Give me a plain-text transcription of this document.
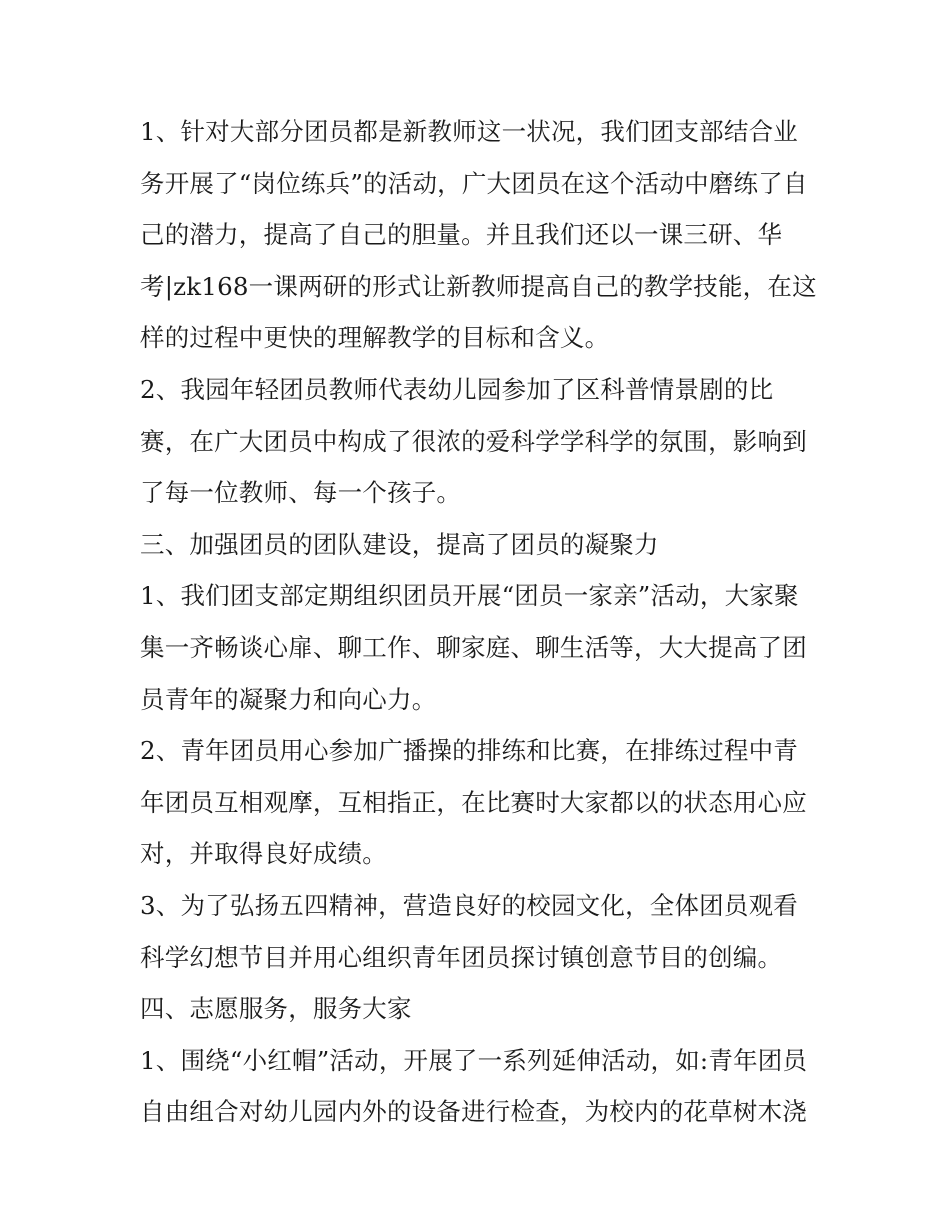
1、针对大部分团员都是新教师这一状况，我们团支部结合业
务开展了“岗位练兵”的活动，广大团员在这个活动中磨练了自
己的潜力，提高了自己的胆量。并且我们还以一课三研、华
考|zk168一课两研的形式让新教师提高自己的教学技能，在这
样的过程中更快的理解教学的目标和含义。
2、我园年轻团员教师代表幼儿园参加了区科普情景剧的比
赛，在广大团员中构成了很浓的爱科学学科学的氛围，影响到
了每一位教师、每一个孩子。
三、加强团员的团队建设，提高了团员的凝聚力
1、我们团支部定期组织团员开展“团员一家亲”活动，大家聚
集一齐畅谈心扉、聊工作、聊家庭、聊生活等，大大提高了团
员青年的凝聚力和向心力。
2、青年团员用心参加广播操的排练和比赛，在排练过程中青
年团员互相观摩，互相指正，在比赛时大家都以的状态用心应
对，并取得良好成绩。
3、为了弘扬五四精神，营造良好的校园文化，全体团员观看
科学幻想节目并用心组织青年团员探讨镇创意节目的创编。
四、志愿服务，服务大家
1、围绕“小红帽”活动，开展了一系列延伸活动，如:青年团员
自由组合对幼儿园内外的设备进行检查，为校内的花草树木浇
